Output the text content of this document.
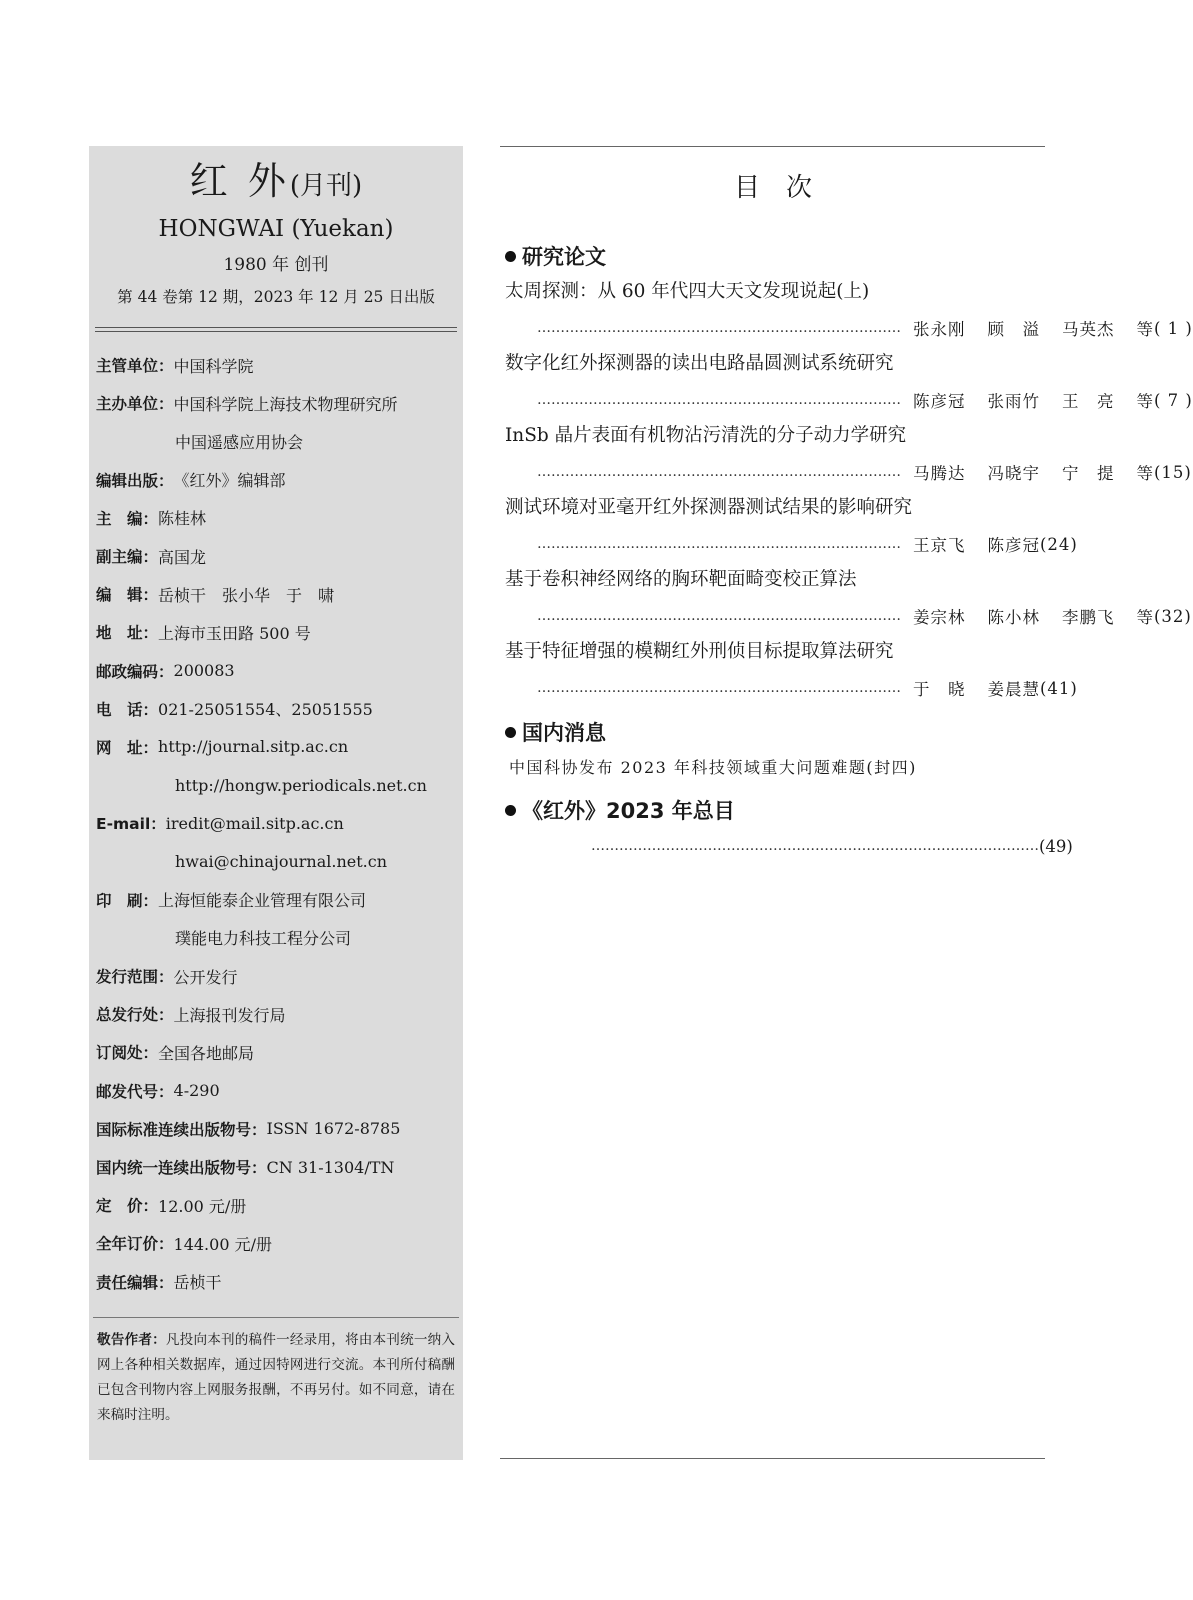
红 外(月刊)
HONGWAI (Yuekan)
1980 年 创刊
第 44 卷第 12 期，2023 年 12 月 25 日出版
主管单位： 中国科学院
主办单位： 中国科学院上海技术物理研究所
中国遥感应用协会
编辑出版： 《红外》编辑部
主　编： 陈桂林
副主编： 高国龙
编　辑： 岳桢干　张小华　于　啸
地　址： 上海市玉田路 500 号
邮政编码： 200083
电　话： 021-25051554、25051555
网　址： http://journal.sitp.ac.cn
http://hongw.periodicals.net.cn
E-mail： iredit@mail.sitp.ac.cn
hwai@chinajournal.net.cn
印　刷： 上海恒能泰企业管理有限公司
璞能电力科技工程分公司
发行范围： 公开发行
总发行处： 上海报刊发行局
订阅处： 全国各地邮局
邮发代号： 4-290
国际标准连续出版物号： ISSN 1672-8785
国内统一连续出版物号： CN 31-1304/TN
定　价： 12.00 元/册
全年订价： 144.00 元/册
责任编辑： 岳桢干
敬告作者：凡投向本刊的稿件一经录用，将由本刊统一纳入网上各种相关数据库，通过因特网进行交流。本刊所付稿酬已包含刊物内容上网服务报酬，不再另付。如不同意，请在来稿时注明。
目次
研究论文
太周探测：从 60 年代四大天文发现说起(上)
…………………………………………………………………… 张永刚 顾　溢 马英杰 等 ( 1 )
数字化红外探测器的读出电路晶圆测试系统研究
…………………………………………………………………… 陈彦冠 张雨竹 王　亮 等 ( 7 )
InSb 晶片表面有机物沾污清洗的分子动力学研究
…………………………………………………………………… 马腾达 冯晓宇 宁　提 等 (15)
测试环境对亚毫开红外探测器测试结果的影响研究
…………………………………………………………………… 王京飞 陈彦冠 (24)
基于卷积神经网络的胸环靶面畸变校正算法
…………………………………………………………………… 姜宗林 陈小林 李鹏飞 等 (32)
基于特征增强的模糊红外刑侦目标提取算法研究
…………………………………………………………………… 于　晓 姜晨慧 (41)
国内消息
中国科协发布 2023 年科技领域重大问题难题(封四)
《红外》2023 年总目
…………………………………………………………………………………… (49)
